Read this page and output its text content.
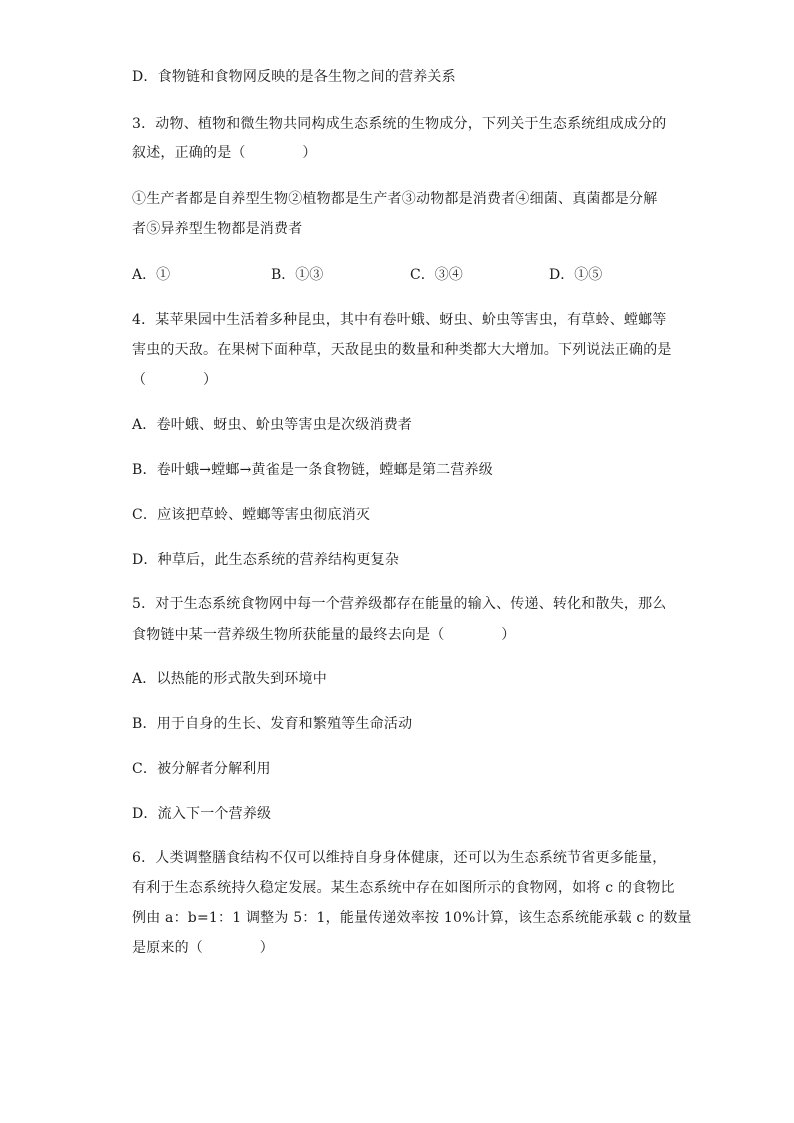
D．食物链和食物网反映的是各生物之间的营养关系
3．动物、植物和微生物共同构成生态系统的生物成分，下列关于生态系统组成成分的
叙述，正确的是（　　　　）
①生产者都是自养型生物②植物都是生产者③动物都是消费者④细菌、真菌都是分解
者⑤异养型生物都是消费者
A．①	B．①③	C．③④	D．①⑤
4．某苹果园中生活着多种昆虫，其中有卷叶蛾、蚜虫、蚧虫等害虫，有草蛉、螳螂等
害虫的天敌。在果树下面种草，天敌昆虫的数量和种类都大大增加。下列说法正确的是
（　　　　）
A．卷叶蛾、蚜虫、蚧虫等害虫是次级消费者
B．卷叶蛾→螳螂→黄雀是一条食物链，螳螂是第二营养级
C．应该把草蛉、螳螂等害虫彻底消灭
D．种草后，此生态系统的营养结构更复杂
5．对于生态系统食物网中每一个营养级都存在能量的输入、传递、转化和散失，那么
食物链中某一营养级生物所获能量的最终去向是（　　　　）
A．以热能的形式散失到环境中
B．用于自身的生长、发育和繁殖等生命活动
C．被分解者分解利用
D．流入下一个营养级
6．人类调整膳食结构不仅可以维持自身身体健康，还可以为生态系统节省更多能量，
有利于生态系统持久稳定发展。某生态系统中存在如图所示的食物网，如将 c 的食物比
例由 a：b=1：1 调整为 5：1，能量传递效率按 10%计算，该生态系统能承载 c 的数量
是原来的（　　　　）
